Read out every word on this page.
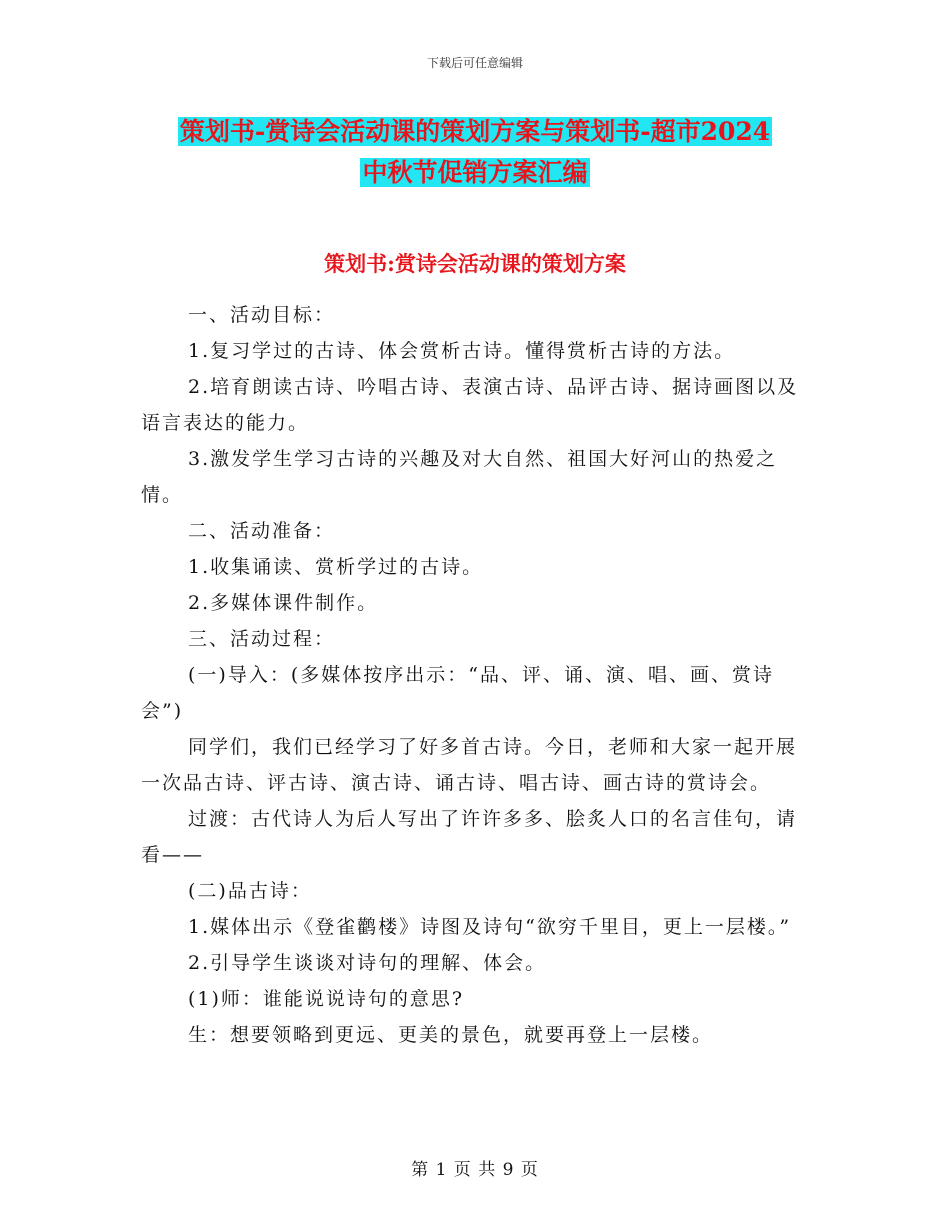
下载后可任意编辑
策划书-赏诗会活动课的策划方案与策划书-超市2024
中秋节促销方案汇编
策划书:赏诗会活动课的策划方案

一、活动目标：

1.复习学过的古诗、体会赏析古诗。懂得赏析古诗的方法。

2.培育朗读古诗、吟唱古诗、表演古诗、品评古诗、据诗画图以及语言表达的能力。

3.激发学生学习古诗的兴趣及对大自然、祖国大好河山的热爱之情。

二、活动准备：

1.收集诵读、赏析学过的古诗。

2.多媒体课件制作。

三、活动过程：

(一)导入：(多媒体按序出示：“品、评、诵、演、唱、画、赏诗会”)

同学们，我们已经学习了好多首古诗。今日，老师和大家一起开展一次品古诗、评古诗、演古诗、诵古诗、唱古诗、画古诗的赏诗会。

过渡：古代诗人为后人写出了许许多多、脍炙人口的名言佳句，请看——

(二)品古诗：

1.媒体出示《登雀鹳楼》诗图及诗句“欲穷千里目，更上一层楼。”

2.引导学生谈谈对诗句的理解、体会。

(1)师：谁能说说诗句的意思?

生：想要领略到更远、更美的景色，就要再登上一层楼。

第 1 页 共 9 页
